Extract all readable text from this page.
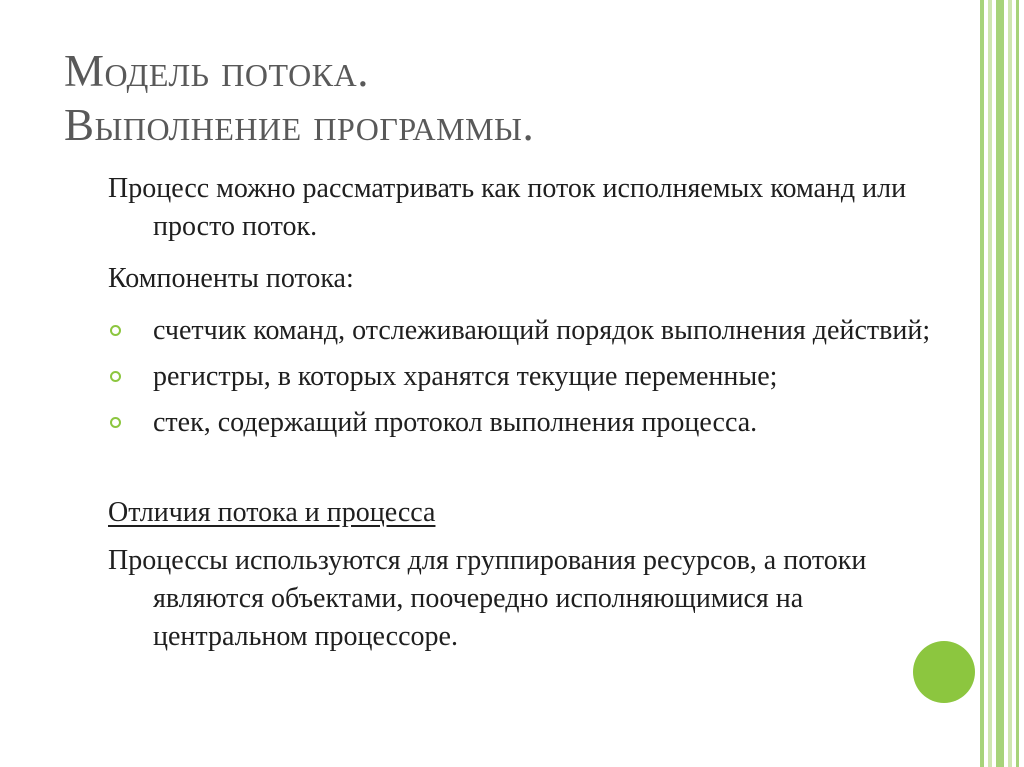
Модель потока.
Выполнение программы.

Процесс можно рассматривать как поток исполняемых команд или просто поток.

Компоненты потока:

счетчик команд, отслеживающий порядок выполнения действий;
регистры, в которых хранятся текущие переменные;
стек, содержащий протокол выполнения процесса.

Отличия потока и процесса

Процессы используются для группирования ресурсов, а потоки являются объектами, поочередно исполняющимися на центральном процессоре.
